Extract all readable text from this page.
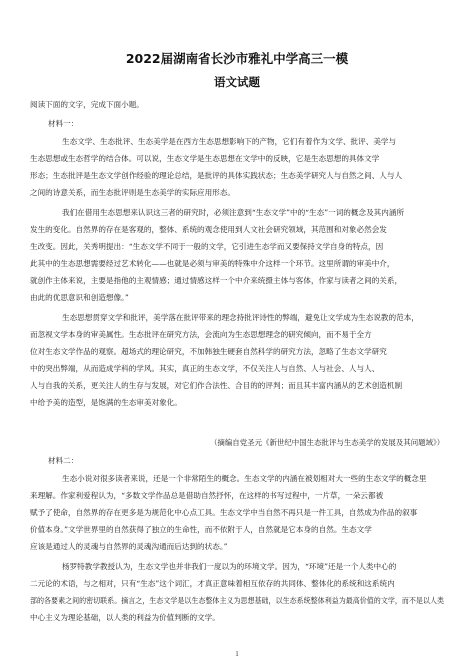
2022届湖南省长沙市雅礼中学高三一模
语文试题
阅读下面的文字，完成下面小题。
材料一：
生态文学、生态批评、生态美学是在西方生态思想影响下的产物，它们有着作为文学、批评、美学与
生态思想或生态哲学的结合体。可以说，生态文学是生态思想在文学中的反映，它是生态思想的具体文学
形态；生态批评是生态文学创作经验的理论总结，是批评的具体实践状态；生态美学研究人与自然之间、人与人
之间的诗意关系，而生态批评则是生态美学的实际应用形态。
我们在借用生态思想来认识这三者的研究时，必须注意到“生态文学”中的“生态”一词的概念及其内涵所
发生的变化。自然界的存在是客观的，整体、系统的观念使用到人文社会研究领域，其范围和对象必然会发
生改变。因此，关秀明提出：“生态文学不同于一般的文学，它引进生态学而又要保持文学自身的特点，因
此其中的生态思想需要经过艺术转化——也就是必须与审美的特殊中介这样一个环节。这里所谓的审美中介，
就创作主体来说，主要是指他的主观情感；通过情感这样一个中介来统摄主体与客体，作家与读者之间的关系，
由此的优思意识和创造想像。”
生态思想贯穿文学和批评，美学落在批评带来的理念持批评诗性的弊端，避免让文学成为生态说教的范本，
而忽视文学本身的审美属性。生态批评在研究方法，会流向为生态思想理念的研究倾向，而不易于全方
位对生态文学作品的观察。超场式的理论研究，不加韩独生硬套自然科学的研究方法，忽略了生态文学研究
中的突出弊端，从而造成学科的学风。其实，真正的生态文学，不仅关注人与自然、人与社会、人与人、
人与自我的关系，更关注人的生存与发展，对它们作合法性、合目的的评判；而且其丰富内涵从的艺术创造机制
中给予美的造型，是饱满的生态审美对象化。
（摘编自党圣元《新世纪中国生态批评与生态美学的发展及其问题域》）
材料二：
生态小说对很多读者来说，还是一个非常陌生的概念。生态文学的内涵在被划相对大一些的生态文学的概念里
来理解。作家利爱程认为，“多数文学作品总是借助自然抒怀，在这样的书写过程中，一片草，一朵云都被
赋予了使命，自然界的存在更多是为规范化中心点工具。生态文学中当自然不再只是一件工具，自然成为作品的叙事
价值本身。”文学世界里的自然获得了独立的生命性，而不依附于人，自然就是它本身的自然。生态文学
应该是通过人的灵魂与自然界的灵魂沟通而后达到的状态。”
杨罗特教学教授认为，生态文学也并非我们一度以为的环境文学。因为，“环境”还是一个人类中心的
二元论的术语，与之相对，只有“生态”这个词汇，才真正意味着相互依存的共同体、整体化的系统和这系统内
部的各要素之间的密切联系。摘言之，生态文学是以生态整体主义为思想基础，以生态系统整体利益为最高价值的文学，而不是以人类
中心主义为理论基础，以人类的利益为价值判断的文学。
1
